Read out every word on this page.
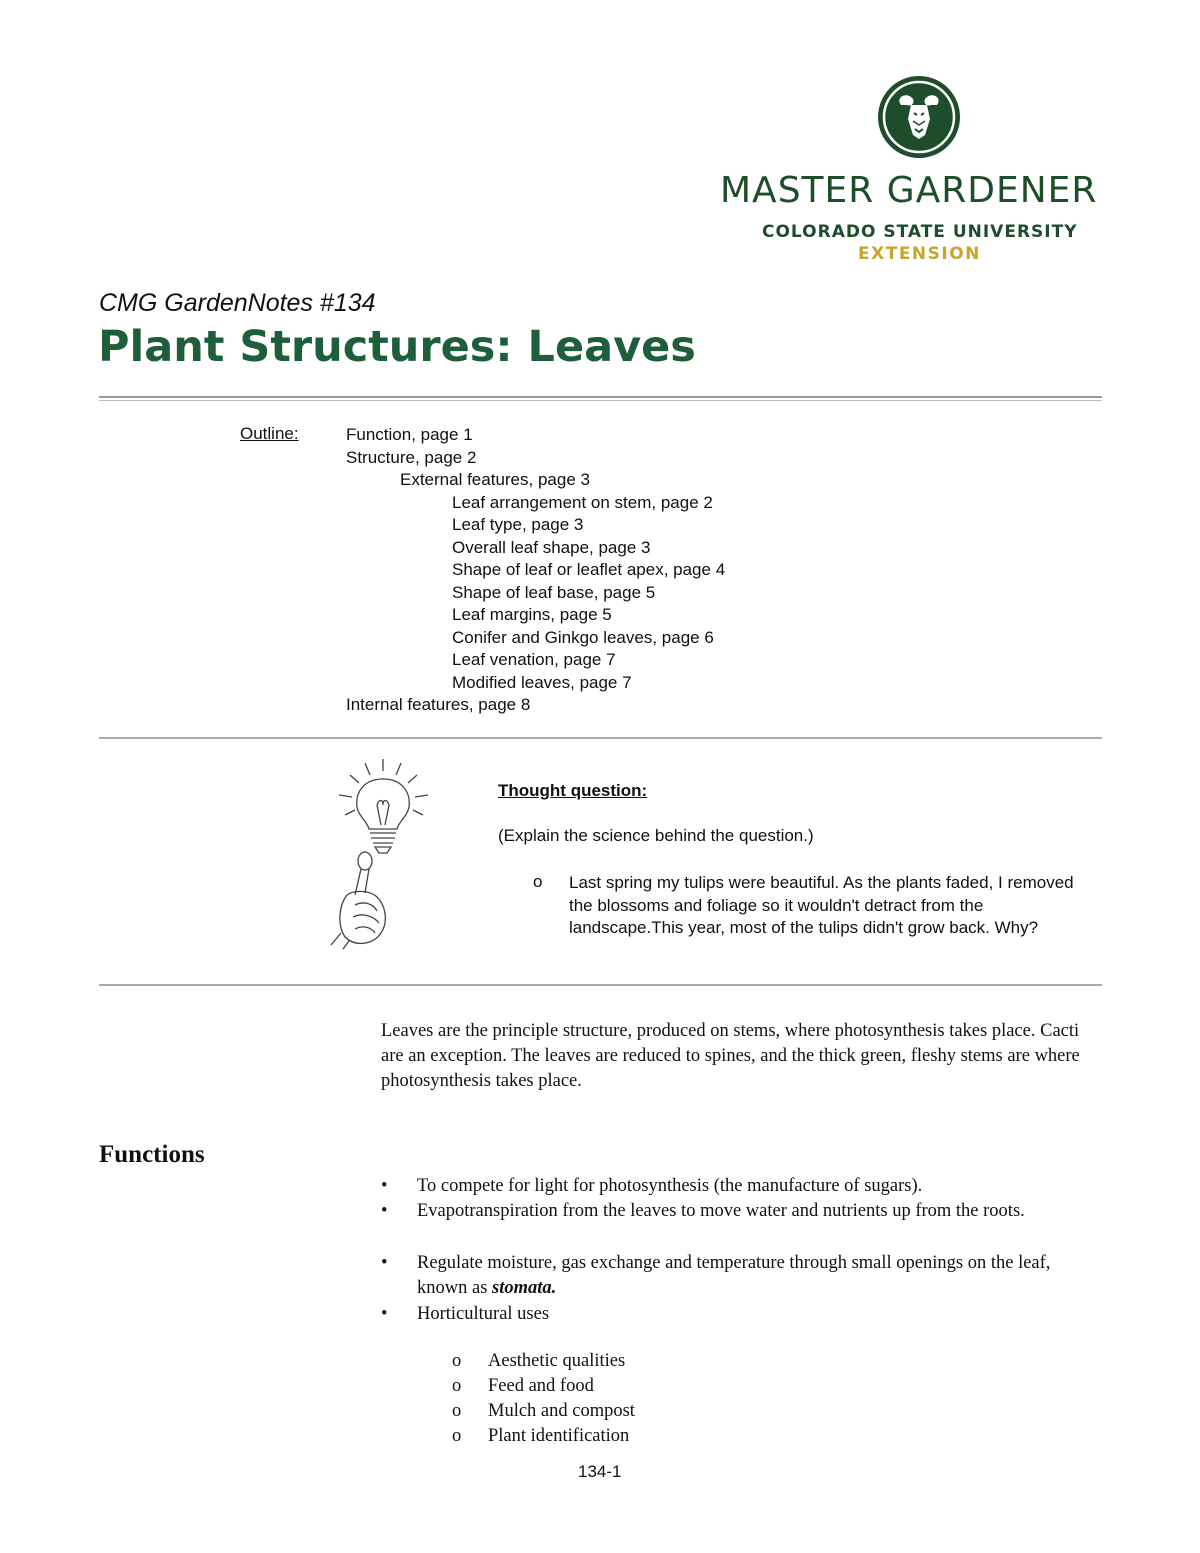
MASTER GARDENER
COLORADO STATE UNIVERSITY
EXTENSION
CMG GardenNotes #134
Plant Structures: Leaves
Outline:	Function, page 1
Structure, page 2
External features, page 3
Leaf arrangement on stem, page 2
Leaf type, page 3
Overall leaf shape, page 3
Shape of leaf or leaflet apex, page 4
Shape of leaf base, page 5
Leaf margins, page 5
Conifer and Ginkgo leaves, page 6
Leaf venation, page 7
Modified leaves, page 7
Internal features, page 8
Thought question:
(Explain the science behind the question.)
o Last spring my tulips were beautiful. As the plants faded, I removed the blossoms and foliage so it wouldn't detract from the landscape.This year, most of the tulips didn't grow back. Why?
Leaves are the principle structure, produced on stems, where photosynthesis takes place. Cacti are an exception. The leaves are reduced to spines, and the thick green, fleshy stems are where photosynthesis takes place.
Functions
• To compete for light for photosynthesis (the manufacture of sugars).
• Evapotranspiration from the leaves to move water and nutrients up from the roots.
• Regulate moisture, gas exchange and temperature through small openings on the leaf, known as stomata.
• Horticultural uses
o Aesthetic qualities
o Feed and food
o Mulch and compost
o Plant identification
134-1
